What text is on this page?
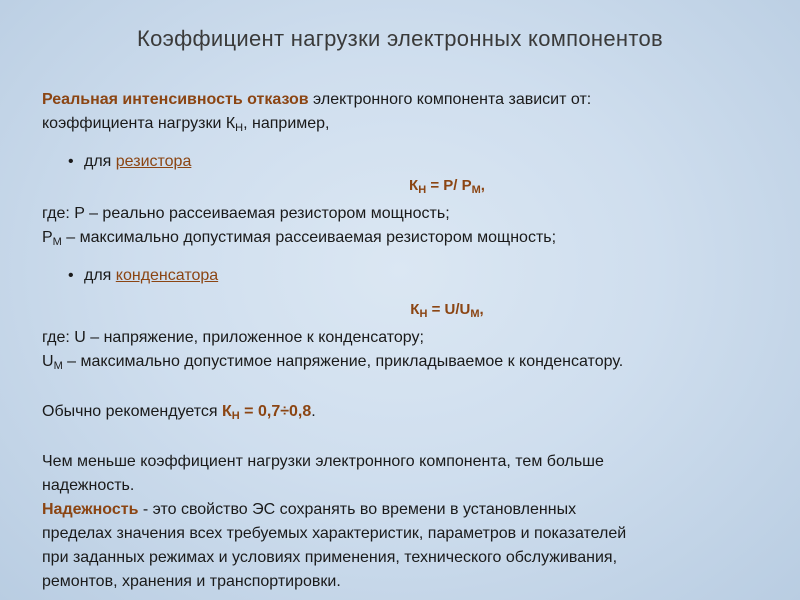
Коэффициент нагрузки электронных компонентов
Реальная интенсивность отказов электронного компонента зависит от:
коэффициента нагрузки $К_Н$, например,
• для резистора
$К_Н = P/$ $P_М$,
где: P – реально рассеиваемая резистором мощность;
$P_М$ – максимально допустимая рассеиваемая резистором мощность;
• для конденсатора
$К_Н = U/U_М$,
где: U – напряжение, приложенное к конденсатору;
$U_М$ – максимально допустимое напряжение, прикладываемое к конденсатору.
Обычно рекомендуется $К_Н = 0,7\div 0,8$.
Чем меньше коэффициент нагрузки электронного компонента, тем больше
надежность.
Надежность - это свойство ЭС сохранять во времени в установленных
пределах значения всех требуемых характеристик, параметров и показателей
при заданных режимах и условиях применения, технического обслуживания,
ремонтов, хранения и транспортировки.
